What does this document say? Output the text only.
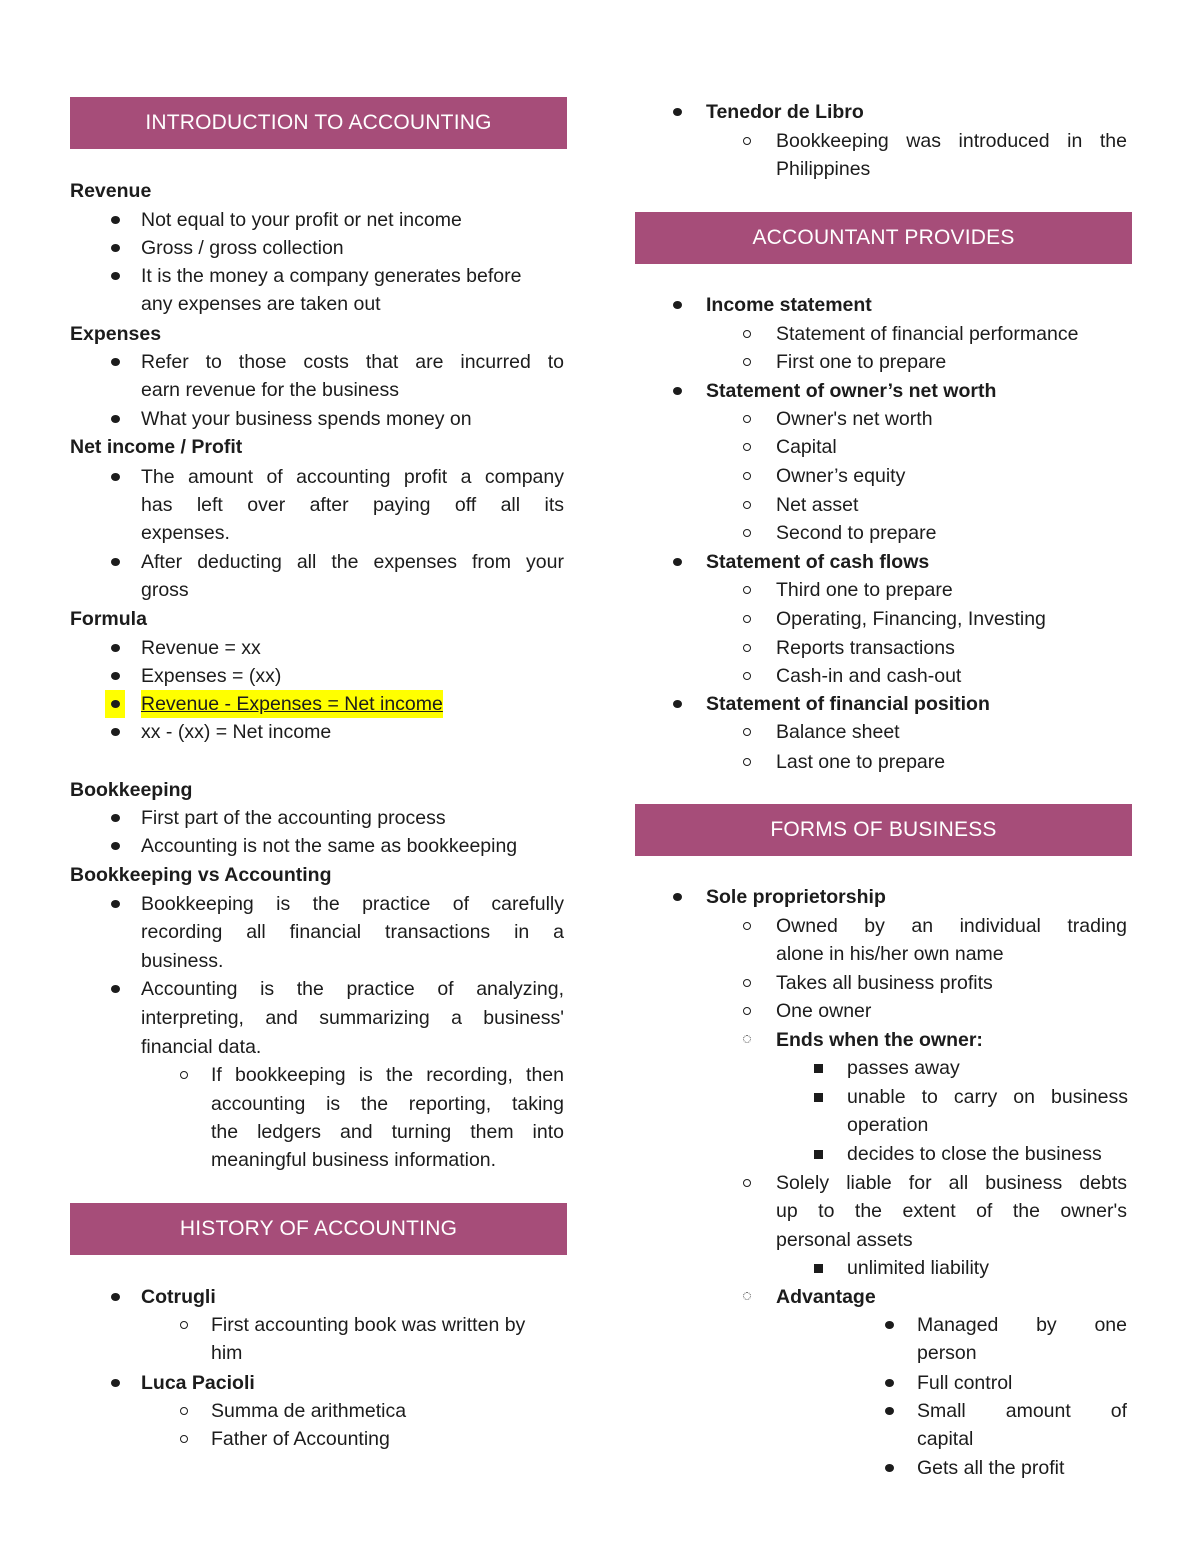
INTRODUCTION TO ACCOUNTING
Revenue
Not equal to your profit or net income
Gross / gross collection
It is the money a company generates before
any expenses are taken out
Expenses
Refer to those costs that are incurred to
earn revenue for the business
What your business spends money on
Net income / Profit
The amount of accounting profit a company
has left over after paying off all its
expenses.
After deducting all the expenses from your
gross
Formula
Revenue = xx
Expenses = (xx)
Revenue - Expenses = Net income
xx - (xx) = Net income
Bookkeeping
First part of the accounting process
Accounting is not the same as bookkeeping
Bookkeeping vs Accounting
Bookkeeping is the practice of carefully
recording all financial transactions in a
business.
Accounting is the practice of analyzing,
interpreting, and summarizing a business'
financial data.
If bookkeeping is the recording, then
accounting is the reporting, taking
the ledgers and turning them into
meaningful business information.
HISTORY OF ACCOUNTING
Cotrugli
First accounting book was written by
him
Luca Pacioli
Summa de arithmetica
Father of Accounting
Tenedor de Libro
Bookkeeping was introduced in the
Philippines
ACCOUNTANT PROVIDES
Income statement
Statement of financial performance
First one to prepare
Statement of owner’s net worth
Owner's net worth
Capital
Owner’s equity
Net asset
Second to prepare
Statement of cash flows
Third one to prepare
Operating, Financing, Investing
Reports transactions
Cash-in and cash-out
Statement of financial position
Balance sheet
Last one to prepare
FORMS OF BUSINESS
Sole proprietorship
Owned by an individual trading
alone in his/her own name
Takes all business profits
One owner
Ends when the owner:
passes away
unable to carry on business
operation
decides to close the business
Solely liable for all business debts
up to the extent of the owner's
personal assets
unlimited liability
Advantage
Managed by one
person
Full control
Small amount of
capital
Gets all the profit
